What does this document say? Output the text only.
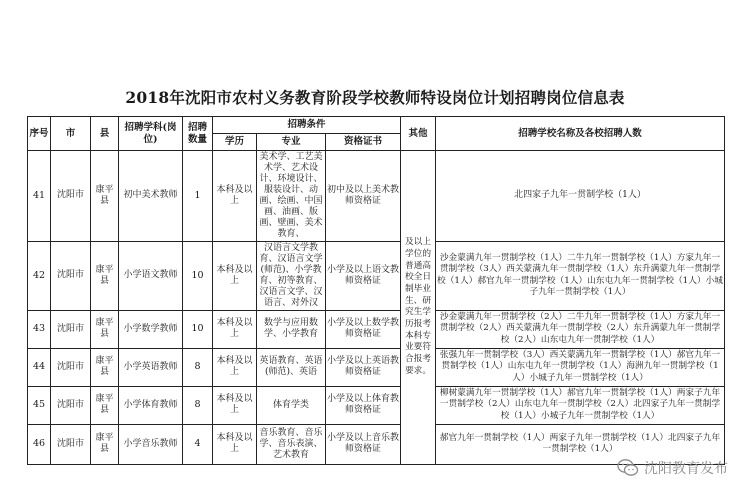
2018年沈阳市农村义务教育阶段学校教师特设岗位计划招聘岗位信息表
序号	市	县	招聘学科(岗位)	招聘数量	招聘条件			其他	招聘学校名称及各校招聘人数
					学历	专业	资格证书		
41	沈阳市	康平县	初中美术教师	1	本科及以上	美术学、工艺美术学、艺术设计、环境设计、服装设计、动画、绘画、中国画、油画、版画、壁画、美术教育、	初中及以上美术教师资格证	及以上学位的普通高校全日制毕业生、研究生学历报考本科专业要符合报考要求。	北四家子九年一贯制学校（1人）
42	沈阳市	康平县	小学语文教师	10	本科及以上	汉语言文学教育、汉语言文学(师范)、小学教育、初等教育、汉语言文学、汉语言、对外汉	小学及以上语文教师资格证		沙金蒙满九年一贯制学校（1人）二牛九年一贯制学校（1人）方家九年一贯制学校（3人）西关蒙满九年一贯制学校（1人）东升满蒙九年一贯制学校（1人）郝官九年一贯制学校（1人）山东屯九年一贯制学校（1人）小城子九年一贯制学校（1人）
43	沈阳市	康平县	小学数学教师	10	本科及以上	数学与应用数学、小学教育	小学及以上数学教师资格证		沙金蒙满九年一贯制学校（2人）二牛九年一贯制学校（1人）方家九年一贯制学校（2人）西关蒙满九年一贯制学校（2人）东升满蒙九年一贯制学校（2人）山东屯九年一贯制学校（1人）
44	沈阳市	康平县	小学英语教师	8	本科及以上	英语教育、英语(师范)、英语	小学及以上英语教师资格证		张强九年一贯制学校（3人）西关蒙满九年一贯制学校（1人）郝官九年一贯制学校（1人）山东屯九年一贯制学校（1人）海洲九年一贯制学校（1人）小城子九年一贯制学校（1人）
45	沈阳市	康平县	小学体育教师	8	本科及以上	体育学类	小学及以上体育教师资格证		柳树蒙满九年一贯制学校（1人）郝官九年一贯制学校（1人）两家子九年一贯制学校（2人）山东屯九年一贯制学校（2人）北四家子九年一贯制学校（1人）小城子九年一贯制学校（1人）
46	沈阳市	康平县	小学音乐教师	4	本科及以上	音乐教育、音乐学、音乐表演、艺术教育	小学及以上音乐教师资格证		郝官九年一贯制学校（1人）两家子九年一贯制学校（1人）北四家子九年一贯制学校（1人）
沈阳教育发布
